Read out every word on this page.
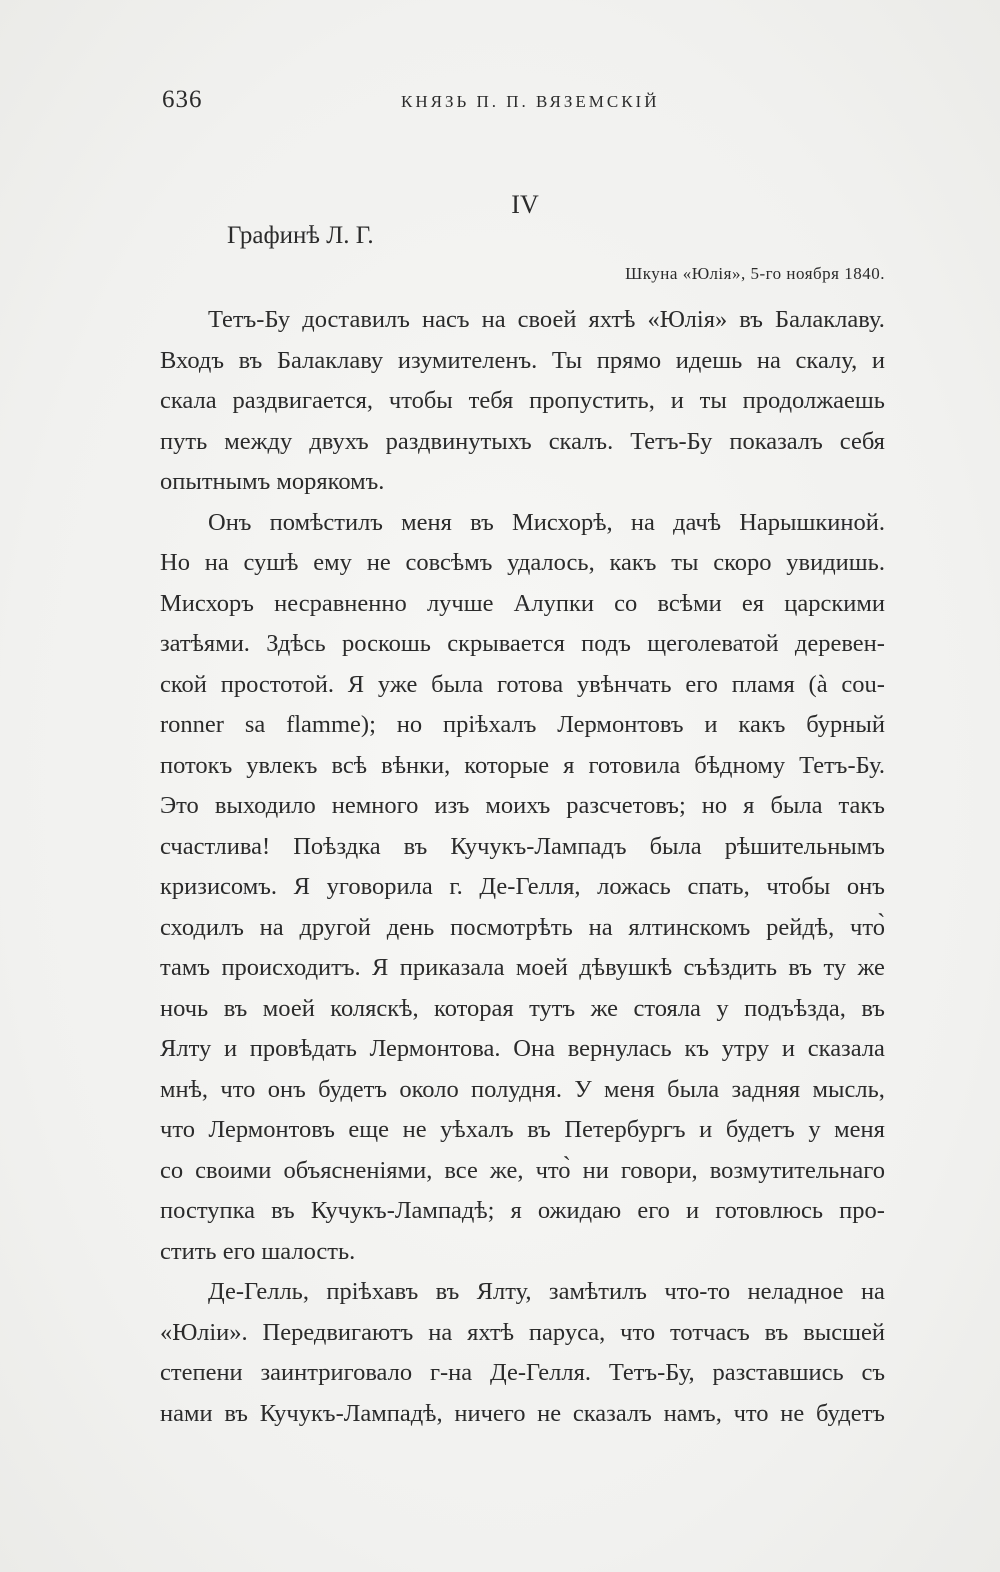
636	КНЯЗЬ П. П. ВЯЗЕМСКІЙ
IV
Графинѣ Л. Г.
Шкуна «Юлія», 5-го ноября 1840.
Тетъ-Бу доставилъ насъ на своей яхтѣ «Юлія» въ Балаклаву.
Входъ въ Балаклаву изумителенъ. Ты прямо идешь на скалу, и
скала раздвигается, чтобы тебя пропустить, и ты продолжаешь
путь между двухъ раздвинутыхъ скалъ. Тетъ-Бу показалъ себя
опытнымъ морякомъ.
Онъ помѣстилъ меня въ Мисхорѣ, на дачѣ Нарышкиной.
Но на сушѣ ему не совсѣмъ удалось, какъ ты скоро увидишь.
Мисхоръ несравненно лучше Алупки со всѣми ея царскими
затѣями. Здѣсь роскошь скрывается подъ щеголеватой деревен-
ской простотой. Я уже была готова увѣнчать его пламя (à cou-
ronner sa flamme); но пріѣхалъ Лермонтовъ и какъ бурный
потокъ увлекъ всѣ вѣнки, которые я готовила бѣдному Тетъ-Бу.
Это выходило немного изъ моихъ разсчетовъ; но я была такъ
счастлива! Поѣздка въ Кучукъ-Лампадъ была рѣшительнымъ
кризисомъ. Я уговорила г. Де-Гелля, ложась спать, чтобы онъ
сходилъ на другой день посмотрѣть на ялтинскомъ рейдѣ, что̀
тамъ происходитъ. Я приказала моей дѣвушкѣ съѣздить въ ту же
ночь въ моей коляскѣ, которая тутъ же стояла у подъѣзда, въ
Ялту и провѣдать Лермонтова. Она вернулась къ утру и сказала
мнѣ, что онъ будетъ около полудня. У меня была задняя мысль,
что Лермонтовъ еще не уѣхалъ въ Петербургъ и будетъ у меня
со своими объясненіями, все же, что̀ ни говори, возмутительнаго
поступка въ Кучукъ-Лампадѣ; я ожидаю его и готовлюсь про-
стить его шалость.
Де-Гелль, пріѣхавъ въ Ялту, замѣтилъ что-то неладное на
«Юліи». Передвигаютъ на яхтѣ паруса, что тотчасъ въ высшей
степени заинтриговало г-на Де-Гелля. Тетъ-Бу, разставшись съ
нами въ Кучукъ-Лампадѣ, ничего не сказалъ намъ, что не будетъ
